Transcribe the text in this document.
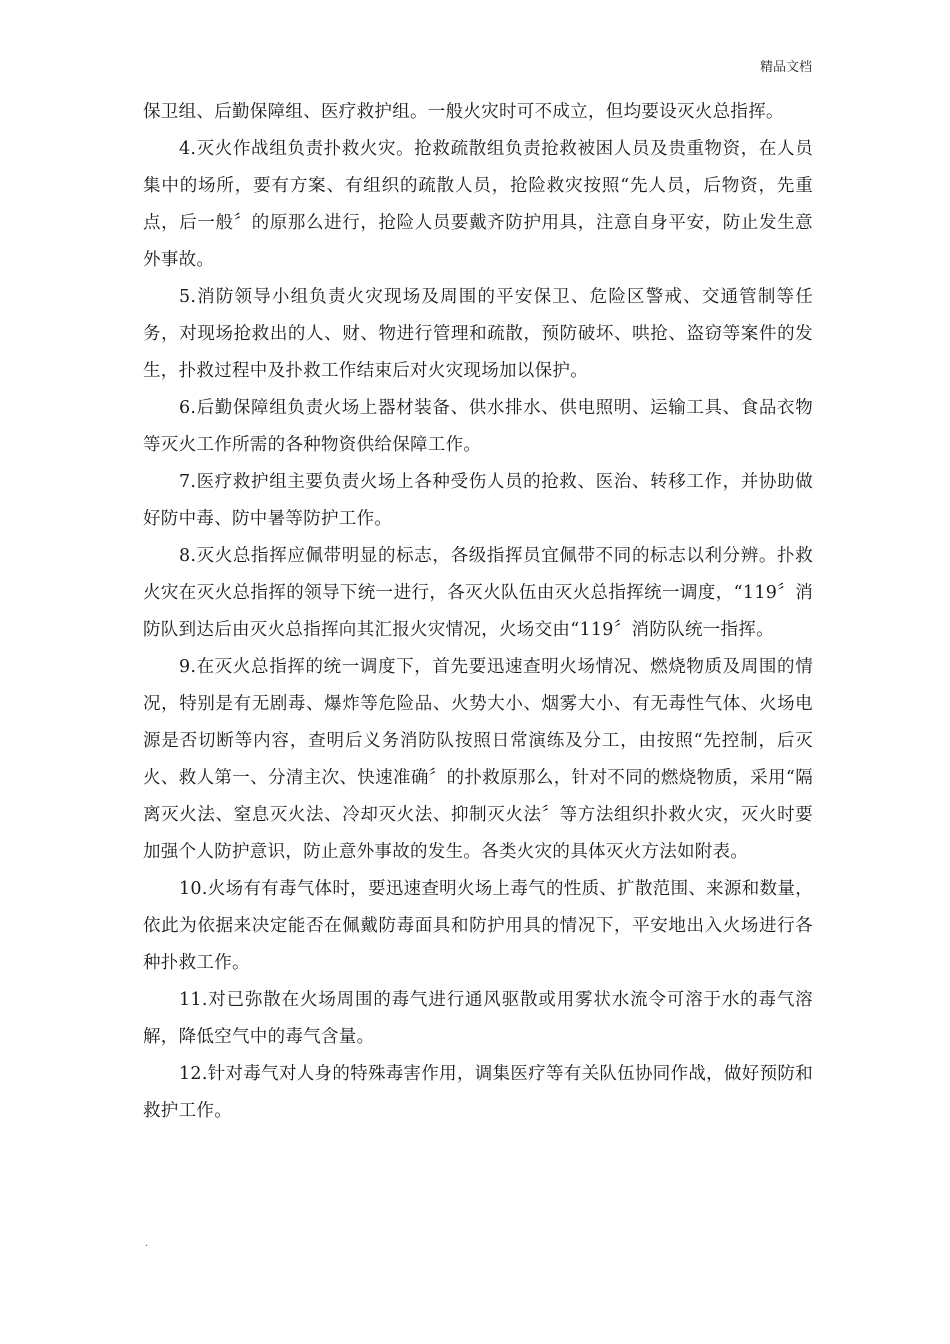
精品文档

保卫组、后勤保障组、医疗救护组。一般火灾时可不成立，但均要设灭火总指挥。

4.灭火作战组负责扑救火灾。抢救疏散组负责抢救被困人员及贵重物资，在人员集中的场所，要有方案、有组织的疏散人员，抢险救灾按照“先人员，后物资，先重点，后一般〞的原那么进行，抢险人员要戴齐防护用具，注意自身平安，防止发生意外事故。

5.消防领导小组负责火灾现场及周围的平安保卫、危险区警戒、交通管制等任务，对现场抢救出的人、财、物进行管理和疏散，预防破坏、哄抢、盗窃等案件的发生，扑救过程中及扑救工作结束后对火灾现场加以保护。

6.后勤保障组负责火场上器材装备、供水排水、供电照明、运输工具、食品衣物等灭火工作所需的各种物资供给保障工作。

7.医疗救护组主要负责火场上各种受伤人员的抢救、医治、转移工作，并协助做好防中毒、防中暑等防护工作。

8.灭火总指挥应佩带明显的标志，各级指挥员宜佩带不同的标志以利分辨。扑救火灾在灭火总指挥的领导下统一进行，各灭火队伍由灭火总指挥统一调度，“119〞消防队到达后由灭火总指挥向其汇报火灾情况，火场交由“119〞消防队统一指挥。

9.在灭火总指挥的统一调度下，首先要迅速查明火场情况、燃烧物质及周围的情况，特别是有无剧毒、爆炸等危险品、火势大小、烟雾大小、有无毒性气体、火场电源是否切断等内容，查明后义务消防队按照日常演练及分工，由按照“先控制，后灭火、救人第一、分清主次、快速准确〞的扑救原那么，针对不同的燃烧物质，采用“隔离灭火法、窒息灭火法、冷却灭火法、抑制灭火法〞等方法组织扑救火灾，灭火时要加强个人防护意识，防止意外事故的发生。各类火灾的具体灭火方法如附表。

10.火场有有毒气体时，要迅速查明火场上毒气的性质、扩散范围、来源和数量，依此为依据来决定能否在佩戴防毒面具和防护用具的情况下，平安地出入火场进行各种扑救工作。

11.对已弥散在火场周围的毒气进行通风驱散或用雾状水流令可溶于水的毒气溶解，降低空气中的毒气含量。

12.针对毒气对人身的特殊毒害作用，调集医疗等有关队伍协同作战，做好预防和救护工作。

.
